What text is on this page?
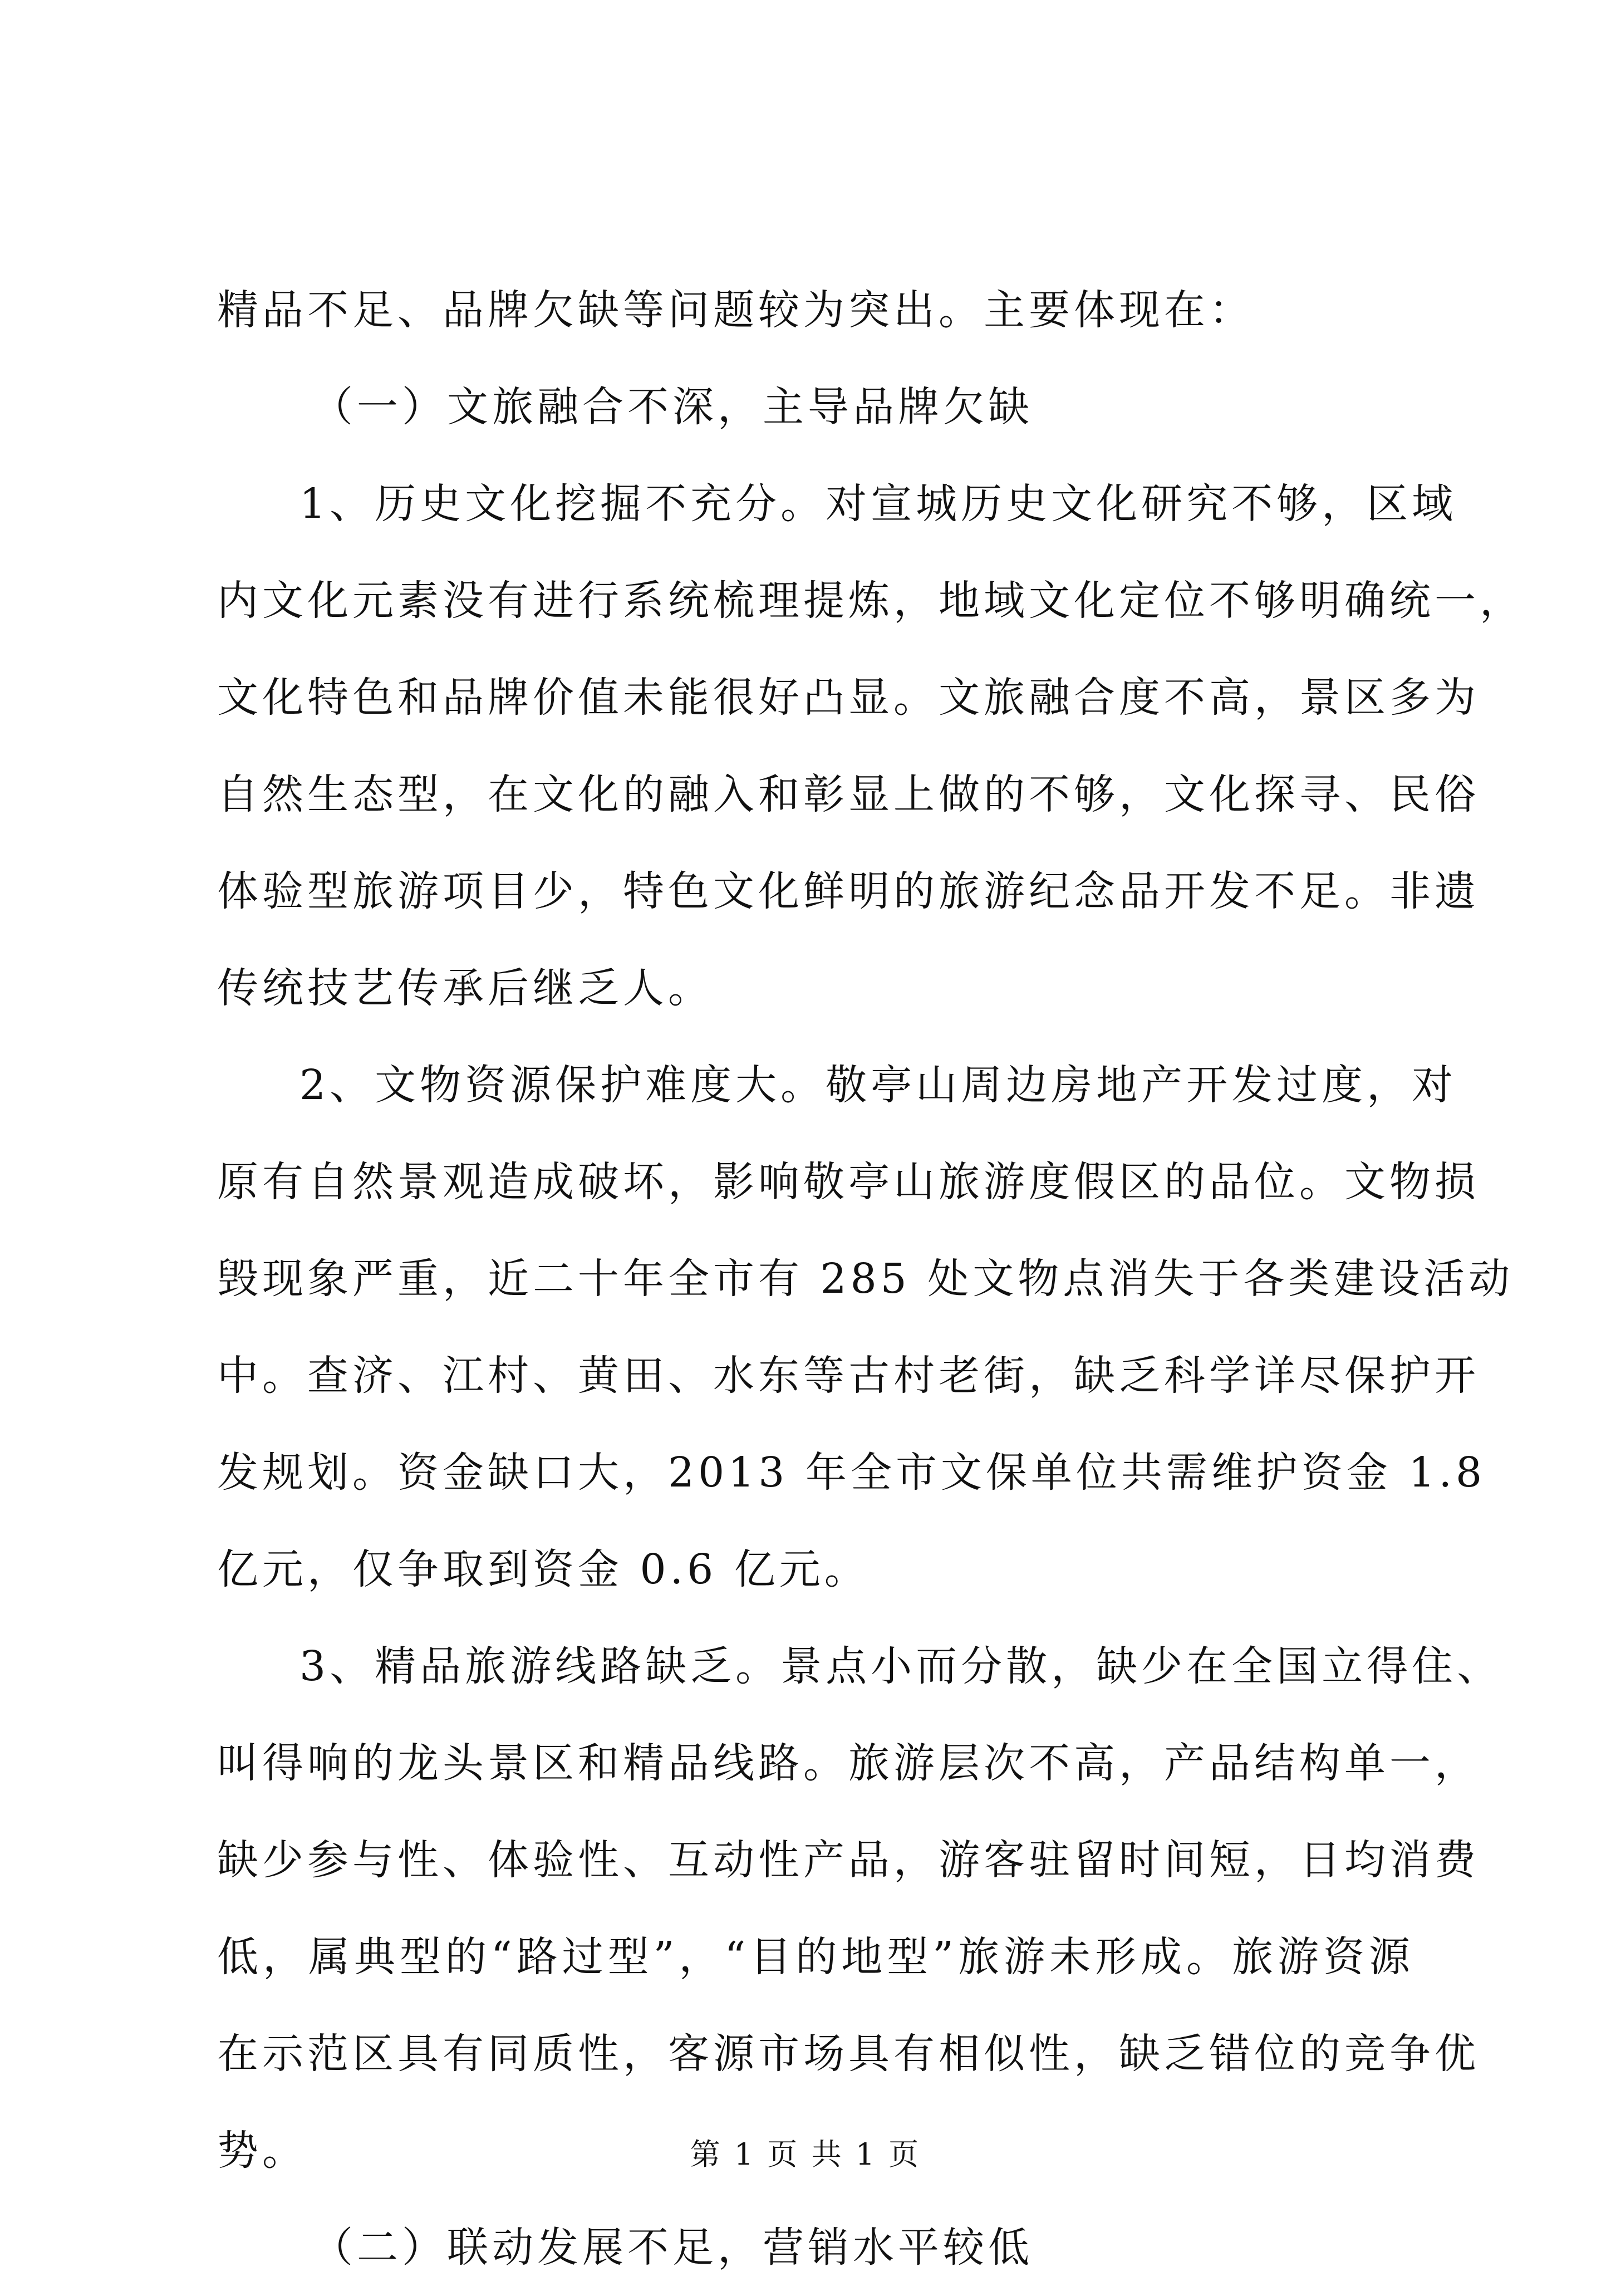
精品不足、品牌欠缺等问题较为突出。主要体现在：
（一）文旅融合不深，主导品牌欠缺
1、历史文化挖掘不充分。对宣城历史文化研究不够，区域
内文化元素没有进行系统梳理提炼，地域文化定位不够明确统一，
文化特色和品牌价值未能很好凸显。文旅融合度不高，景区多为
自然生态型，在文化的融入和彰显上做的不够，文化探寻、民俗
体验型旅游项目少，特色文化鲜明的旅游纪念品开发不足。非遗
传统技艺传承后继乏人。
2、文物资源保护难度大。敬亭山周边房地产开发过度，对
原有自然景观造成破坏，影响敬亭山旅游度假区的品位。文物损
毁现象严重，近二十年全市有 285 处文物点消失于各类建设活动
中。查济、江村、黄田、水东等古村老街，缺乏科学详尽保护开
发规划。资金缺口大，2013 年全市文保单位共需维护资金 1.8
亿元，仅争取到资金 0.6 亿元。
3、精品旅游线路缺乏。景点小而分散，缺少在全国立得住、
叫得响的龙头景区和精品线路。旅游层次不高，产品结构单一，
缺少参与性、体验性、互动性产品，游客驻留时间短，日均消费
低，属典型的“路过型”，“目的地型”旅游未形成。旅游资源
在示范区具有同质性，客源市场具有相似性，缺乏错位的竞争优
势。
（二）联动发展不足，营销水平较低
第 1 页 共 1 页
